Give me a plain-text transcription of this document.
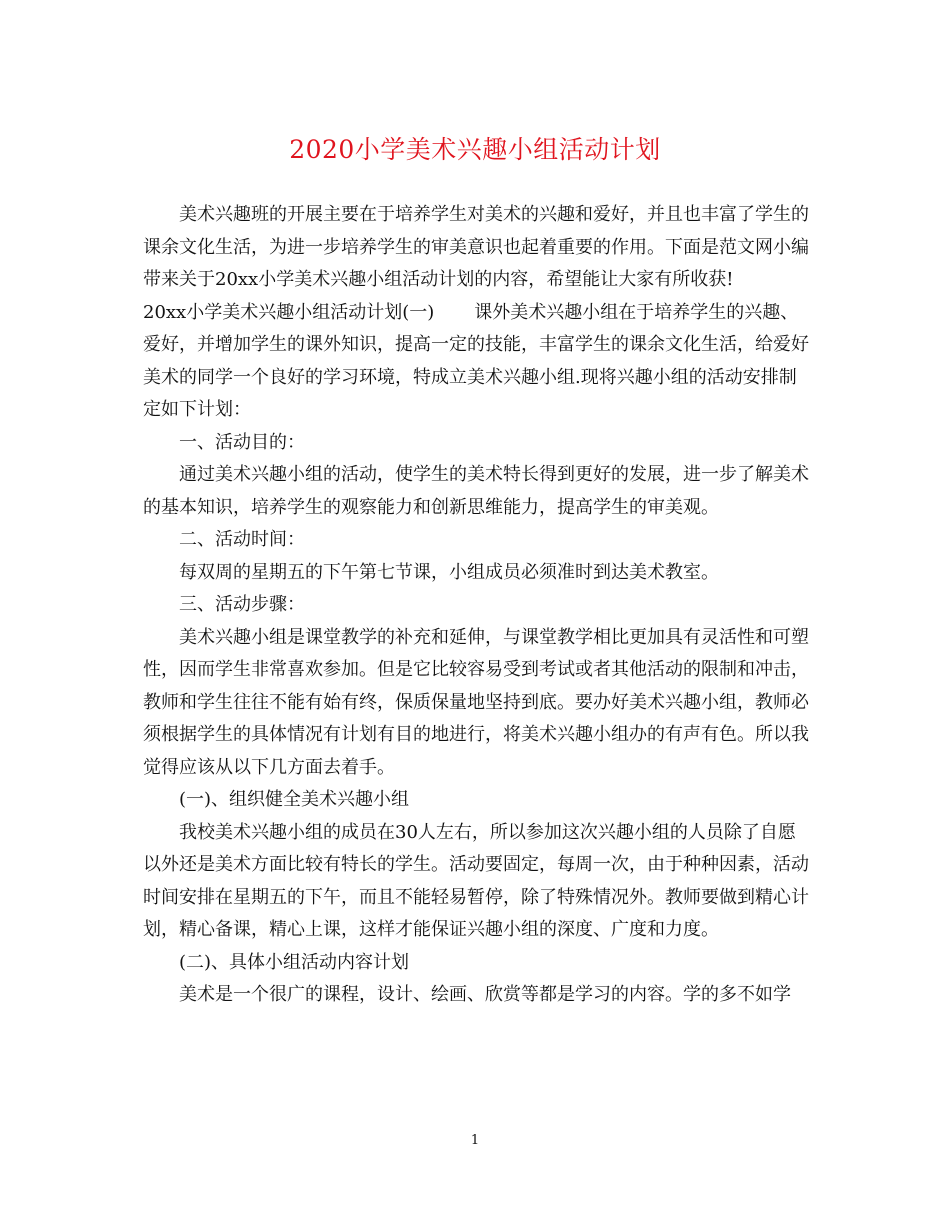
2020小学美术兴趣小组活动计划

美术兴趣班的开展主要在于培养学生对美术的兴趣和爱好，并且也丰富了学生的课余文化生活，为进一步培养学生的审美意识也起着重要的作用。下面是范文网小编带来关于20xx小学美术兴趣小组活动计划的内容，希望能让大家有所收获!

20xx小学美术兴趣小组活动计划(一) 课外美术兴趣小组在于培养学生的兴趣、爱好，并增加学生的课外知识，提高一定的技能，丰富学生的课余文化生活，给爱好美术的同学一个良好的学习环境，特成立美术兴趣小组.现将兴趣小组的活动安排制定如下计划：

一、活动目的：

通过美术兴趣小组的活动，使学生的美术特长得到更好的发展，进一步了解美术的基本知识，培养学生的观察能力和创新思维能力，提高学生的审美观。

二、活动时间：

每双周的星期五的下午第七节课，小组成员必须准时到达美术教室。

三、活动步骤：

美术兴趣小组是课堂教学的补充和延伸，与课堂教学相比更加具有灵活性和可塑性，因而学生非常喜欢参加。但是它比较容易受到考试或者其他活动的限制和冲击，教师和学生往往不能有始有终，保质保量地坚持到底。要办好美术兴趣小组，教师必须根据学生的具体情况有计划有目的地进行，将美术兴趣小组办的有声有色。所以我觉得应该从以下几方面去着手。

(一)、组织健全美术兴趣小组

我校美术兴趣小组的成员在30人左右，所以参加这次兴趣小组的人员除了自愿以外还是美术方面比较有特长的学生。活动要固定，每周一次，由于种种因素，活动时间安排在星期五的下午，而且不能轻易暂停，除了特殊情况外。教师要做到精心计划，精心备课，精心上课，这样才能保证兴趣小组的深度、广度和力度。

(二)、具体小组活动内容计划

美术是一个很广的课程，设计、绘画、欣赏等都是学习的内容。学的多不如学

1
